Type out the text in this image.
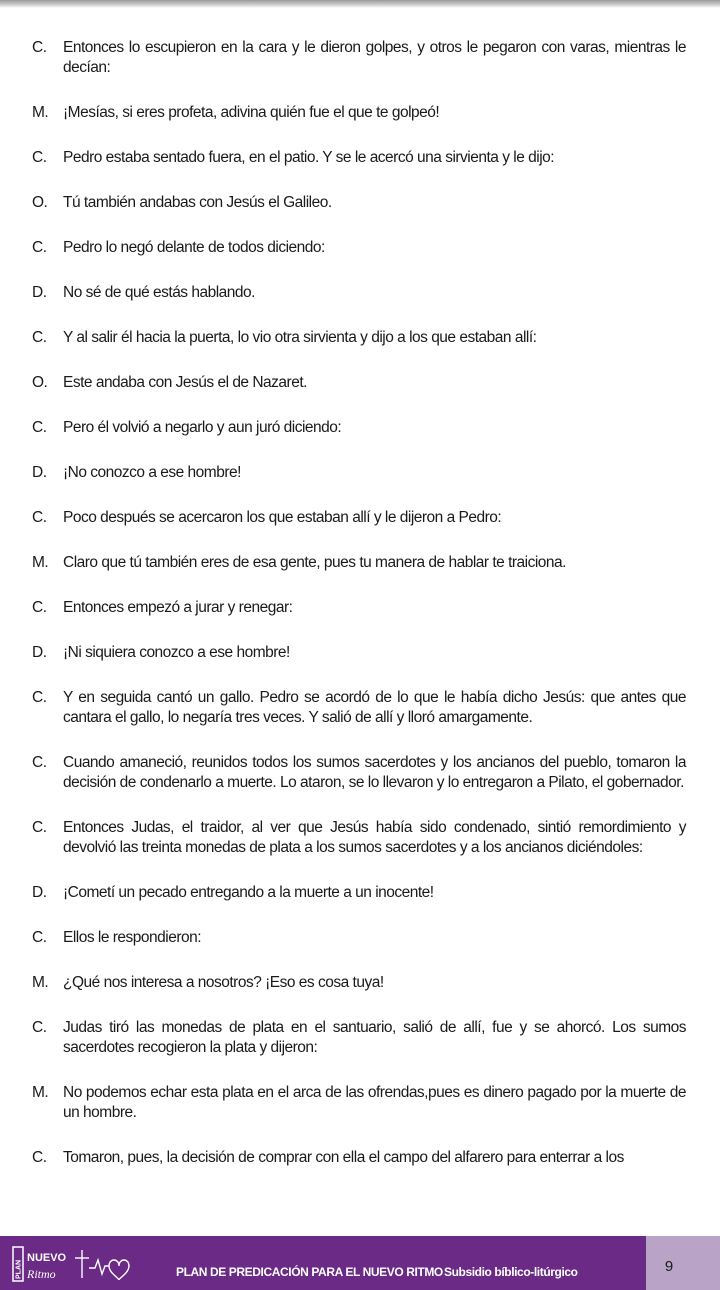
C.	Entonces lo escupieron en la cara y le dieron golpes, y otros le pegaron con varas, mientras le decían:
M. ¡Mesías, si eres profeta, adivina quién fue el que te golpeó!
C.	Pedro estaba sentado fuera, en el patio. Y se le acercó una sirvienta y le dijo:
O.	Tú también andabas con Jesús el Galileo.
C.	Pedro lo negó delante de todos diciendo:
D.	No sé de qué estás hablando.
C.	Y al salir él hacia la puerta, lo vio otra sirvienta y dijo a los que estaban allí:
O.	Este andaba con Jesús el de Nazaret.
C.	Pero él volvió a negarlo y aun juró diciendo:
D.	¡No conozco a ese hombre!
C.	Poco después se acercaron los que estaban allí y le dijeron a Pedro:
M. Claro que tú también eres de esa gente, pues tu manera de hablar te traiciona.
C.	Entonces empezó a jurar y renegar:
D.	¡Ni siquiera conozco a ese hombre!
C.	Y en seguida cantó un gallo. Pedro se acordó de lo que le había dicho Jesús: que antes que cantara el gallo, lo negaría tres veces. Y salió de allí y lloró amargamente.
C.	Cuando amaneció, reunidos todos los sumos sacerdotes y los ancianos del pueblo, tomaron la decisión de condenarlo a muerte. Lo ataron, se lo llevaron y lo entregaron a Pilato, el gobernador.
C.	Entonces Judas, el traidor, al ver que Jesús había sido condenado, sintió remordimiento y devolvió las treinta monedas de plata a los sumos sacerdotes y a los ancianos diciéndoles:
D.	¡Cometí un pecado entregando a la muerte a un inocente!
C.	Ellos le respondieron:
M. ¿Qué nos interesa a nosotros? ¡Eso es cosa tuya!
C.	Judas tiró las monedas de plata en el santuario, salió de allí, fue y se ahorcó. Los sumos sacerdotes recogieron la plata y dijeron:
M. No podemos echar esta plata en el arca de las ofrendas,pues es dinero pagado por la muerte de un hombre.
C.	Tomaron, pues, la decisión de comprar con ella el campo del alfarero para enterrar a los
PLAN
NUEVO
Ritmo	PLAN DE PREDICACIÓN PARA EL NUEVO RITMO Subsidio bíblico-litúrgico	9
